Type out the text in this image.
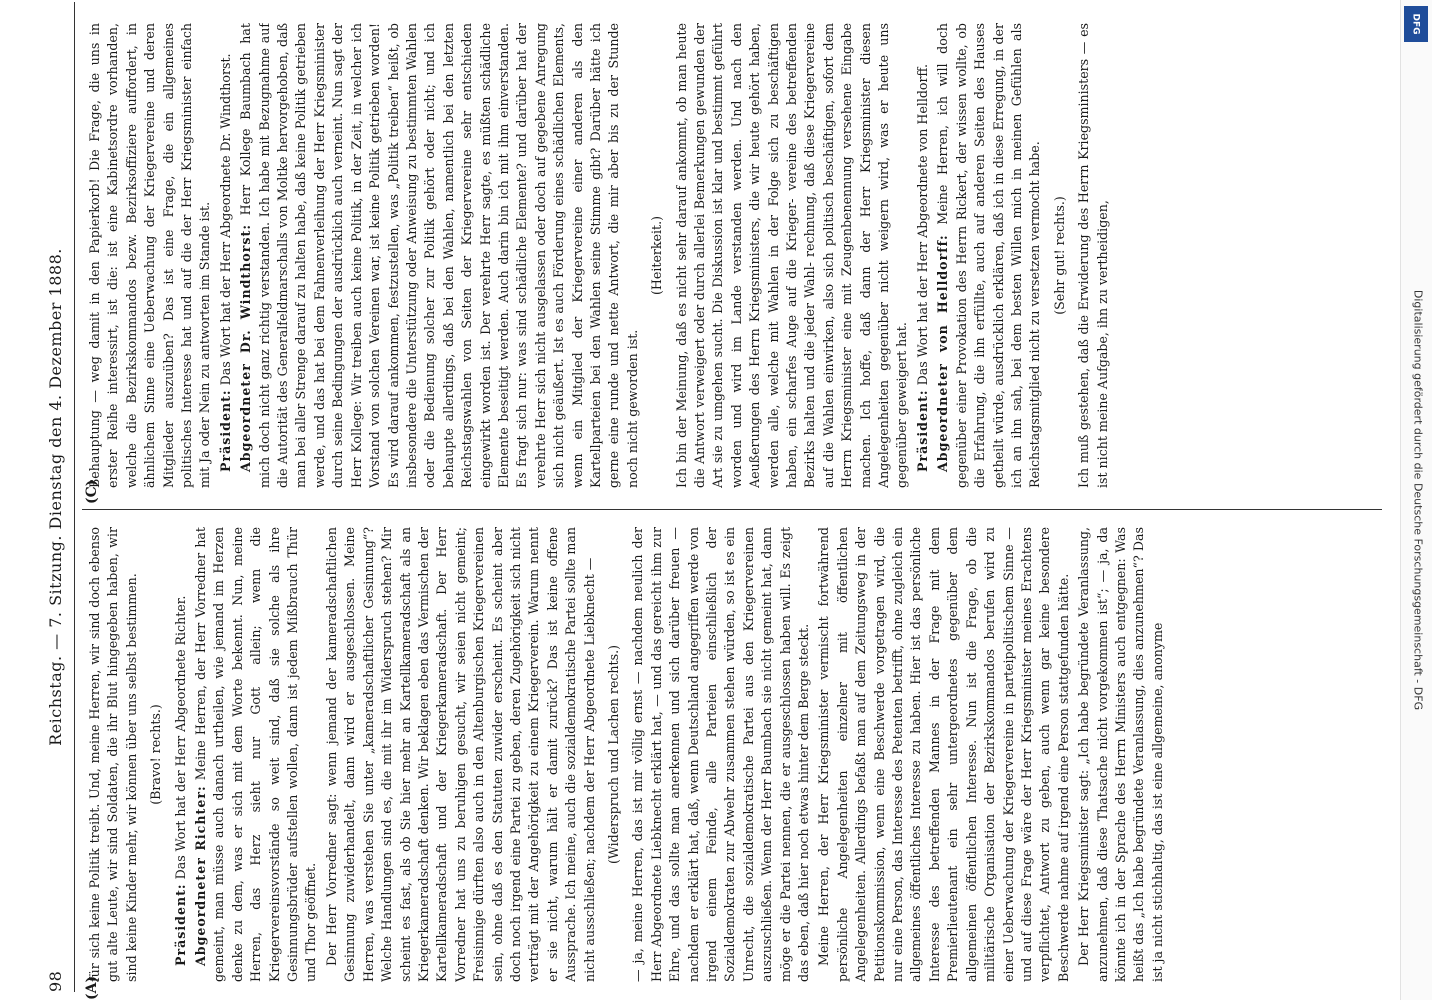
98
Reichstag. — 7. Sitzung. Dienstag den 4. Dezember 1888.
(A)
(C)

für sich keine Politik treibt. Und, meine Herren, wir sind doch ebenso gut alte Leute, wir sind Soldaten, die ihr Blut hingegeben haben, wir sind keine Kinder mehr, wir können über uns selbst bestimmen. (Bravo! rechts.)

Präsident: Das Wort hat der Herr Abgeordnete Richter. Abgeordneter Richter: Meine Herren, der Herr Vorredner hat gemeint, man müsse auch danach urtheilen, wie jemand im Herzen denke zu dem, was er sich mit dem Worte bekennt. Nun, meine Herren, das Herz sieht nur Gott allein; wenn die Kriegervereinsvorstände so weit sind, daß sie solche als ihre Gesinnungsbrüder aufstellen wollen, dann ist jedem Mißbrauch Thür und Thor geöffnet. Der Herr Vorredner sagt: wenn jemand der kameradschaftlichen Gesinnung zuwiderhandelt, dann wird er ausgeschlossen. Meine Herren, was verstehen Sie unter „kameradschaftlicher Gesinnung“? Welche Handlungen sind es, die mit ihr im Widerspruch stehen? Mir scheint es fast, als ob Sie hier mehr an Kartellkameradschaft als an Kriegerkameradschaft denken. Wir beklagen eben das Vermischen der Kartellkameradschaft und der Kriegerkameradschaft. Der Herr Vorredner hat uns zu beruhigen gesucht, wir seien nicht gemeint; Freisinnige dürften also auch in den Altenburgischen Kriegervereinen sein, ohne daß es den Statuten zuwider erscheint. Es scheint aber doch noch irgend eine Partei zu geben, deren Zugehörigkeit sich nicht verträgt mit der Angehörigkeit zu einem Kriegerverein. Warum nennt er sie nicht, warum hält er damit zurück? Das ist keine offene Aussprache. Ich meine, auch die sozialdemokratische Partei sollte man nicht ausschließen; nachdem der Herr Abgeordnete Liebknecht — (Widerspruch und Lachen rechts.) — ja, meine Herren, das ist mir völlig ernst — nachdem neulich der Herr Abgeordnete Liebknecht erklärt hat, — und das gereicht ihm zur Ehre, und das sollte man anerkennen und sich darüber freuen — nachdem er erklärt hat, daß, wenn Deutschland angegriffen werde von irgend einem Feinde, alle Parteien einschließlich der Sozialdemokraten zur Abwehr zusammen stehen würden, so ist es ein Unrecht, die sozialdemokratische Partei aus den Kriegervereinen auszuschließen. Wenn der Herr Baumbach sie nicht gemeint hat, dann möge er die Partei nennen, die er ausgeschlossen haben will. Es zeigt das eben, daß hier noch etwas hinter dem Berge steckt. Meine Herren, der Herr Kriegsminister vermischt fortwährend persönliche Angelegenheiten einzelner mit öffentlichen Angelegenheiten. Allerdings befaßt man auf dem Zeitungsweg in der Petitionskommission, wenn eine Beschwerde vorgetragen wird, die nur eine Person, das Interesse des Petenten betrifft, ohne zugleich ein allgemeines öffentliches Interesse zu haben. Hier ist das persönliche Interesse des betreffenden Mannes in der Frage mit dem Premierlieutenant ein sehr untergeordnetes gegenüber dem allgemeinen öffentlichen Interesse. Nun ist die Frage, ob die militärische Organisation der Bezirkskommandos berufen wird zu einer Ueberwachung der Kriegervereine in parteipolitischem Sinne — und auf diese Frage wäre der Herr Kriegsminister meines Erachtens verpflichtet, Antwort zu geben, auch wenn gar keine besondere Beschwerde nahme auf irgend eine Person stattgefunden hätte. Der Herr Kriegsminister sagt: „Ich habe begründete Veranlassung, anzunehmen, daß diese Thatsache nicht vorgekommen ist“; — ja, da könnte ich in der Sprache des Herrn Ministers auch entgegnen: Was heißt das „Ich habe begründete Veranlassung, dies anzunehmen“? Das ist ja nicht stichhaltig, das ist eine allgemeine, anonyme

Behauptung — weg damit in den Papierkorb! Die Frage, die uns in erster Reihe interessirt, ist die: ist eine Kabinetsordre vorhanden, welche die Bezirkskommandos bezw. Bezirksoffiziere auffordert, in ähnlichem Sinne eine Ueberwachung der Kriegervereine und deren Mitglieder auszuüben? Das ist eine Frage, die ein allgemeines politisches Interesse hat und auf die der Herr Kriegsminister einfach mit Ja oder Nein zu antworten im Stande ist. Präsident: Das Wort hat der Herr Abgeordnete Dr. Windthorst. Abgeordneter Dr. Windthorst: Herr Kollege Baumbach hat mich doch nicht ganz richtig verstanden. Ich habe mit Bezugnahme auf die Autorität des Generalfeldmarschalls von Moltke hervorgehoben, daß man bei aller Strenge darauf zu halten habe, daß keine Politik getrieben werde, und das hat bei dem Fahnenverleihung der Herr Kriegsminister durch seine Bedingungen der ausdrücklich auch verneint. Nun sagt der Herr Kollege: Wir treiben auch keine Politik, in der Zeit, in welcher ich Vorstand von solchen Vereinen war, ist keine Politik getrieben worden! Es wird darauf ankommen, festzustellen, was „Politik treiben“ heißt, ob insbesondere die Unterstützung oder Anweisung zu bestimmten Wahlen oder die Bedienung solcher zur Politik gehört oder nicht; und ich behaupte allerdings, daß bei den Wahlen, namentlich bei den letzten Reichstagswahlen von Seiten der Kriegervereine sehr entschieden eingewirkt worden ist. Der verehrte Herr sagte, es müßten schädliche Elemente beseitigt werden. Auch darin bin ich mit ihm einverstanden. Es fragt sich nur: was sind schädliche Elemente? und darüber hat der verehrte Herr sich nicht ausgelassen oder doch auf gegebene Anregung sich nicht geäußert. Ist es auch Förderung eines schädlichen Elements, wenn ein Mitglied der Kriegervereine einer anderen als den Kartellparteien bei den Wahlen seine Stimme gibt? Darüber hätte ich gerne eine runde und nette Antwort, die mir aber bis zu der Stunde noch nicht geworden ist.

(Heiterkeit.) Ich bin der Meinung, daß es nicht sehr darauf ankommt, ob man heute die Antwort verweigert oder durch allerlei Bemerkungen gewunden der Art sie zu umgehen sucht. Die Diskussion ist klar und bestimmt geführt worden und wird im Lande verstanden werden. Und nach den Aeußerungen des Herrn Kriegsministers, die wir heute gehört haben, werden alle, welche mit Wahlen in der Folge sich zu beschäftigen haben, ein scharfes Auge auf die Krieger- vereine des betreffenden Bezirks halten und die jeder Wahl- rechnung, daß diese Kriegervereine auf die Wahlen einwirken, also sich politisch beschäftigen, sofort dem Herrn Kriegsminister eine mit Zeugenbenennung versehene Eingabe machen. Ich hoffe, daß dann der Herr Kriegsminister diesen Angelegenheiten gegenüber nicht weigern wird, was er heute uns gegenüber geweigert hat. Präsident: Das Wort hat der Herr Abgeordnete von Helldorff. Abgeordneter von Helldorff: Meine Herren, ich will doch gegenüber einer Provokation des Herrn Rickert, der wissen wollte, ob die Erfahrung, die ihn erfüllte, auch auf anderen Seiten des Hauses getheilt würde, ausdrücklich erklären, daß ich in diese Erregung, in der ich an ihn sah, bei dem besten Willen mich in meinen Gefühlen als Reichstagsmitglied nicht zu versetzen vermocht habe. (Sehr gut! rechts.) Ich muß gestehen, daß die Erwiderung des Herrn Kriegsministers — es ist nicht meine Aufgabe, ihn zu vertheidigen,

DFG
Digitalisierung gefördert durch die Deutsche Forschungsgemeinschaft - DFG
